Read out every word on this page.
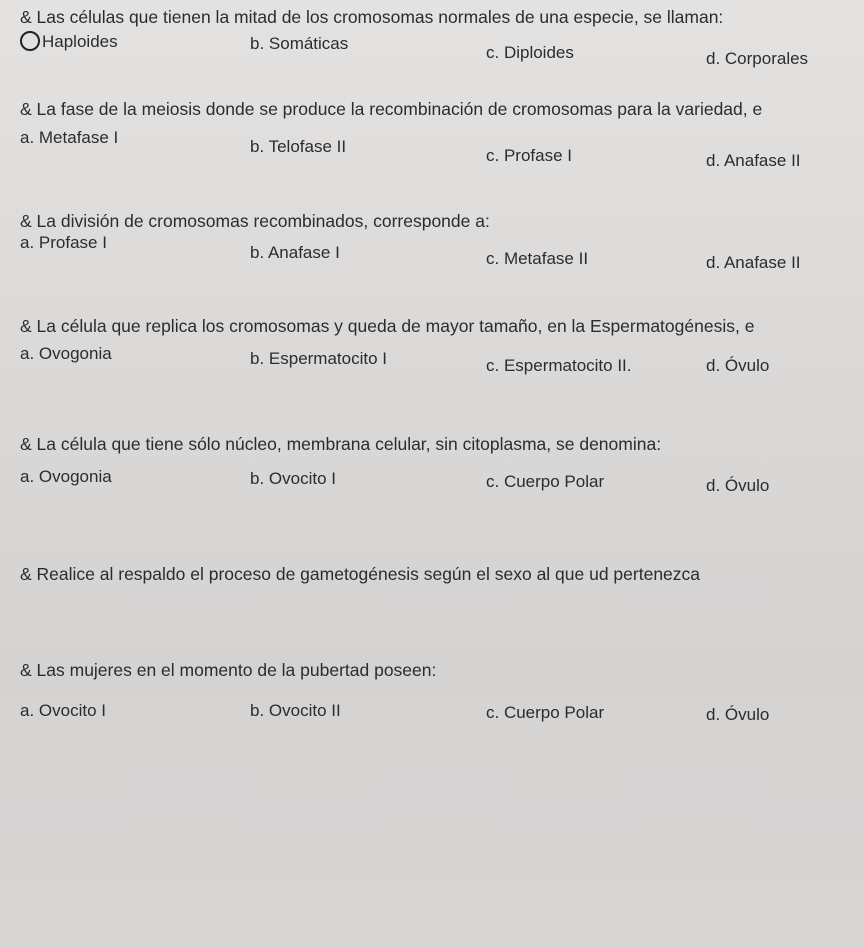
& Las células que tienen la mitad de los cromosomas normales de una especie, se llaman:
Haploides	b. Somáticas	c. Diploides	d. Corporales
& La fase de la meiosis donde se produce la recombinación de cromosomas para la variedad, e
a. Metafase I	b. Telofase II	c. Profase I	d. Anafase II
& La división de cromosomas recombinados, corresponde a:
a. Profase I
b. Anafase I	c. Metafase II	d. Anafase II
& La célula que replica los cromosomas y queda de mayor tamaño, en la Espermatogénesis, e
a. Ovogonia	b. Espermatocito I	c. Espermatocito II.	d. Óvulo
& La célula que tiene sólo núcleo, membrana celular, sin citoplasma, se denomina:
a. Ovogonia	b. Ovocito I	c. Cuerpo Polar	d. Óvulo
& Realice al respaldo el proceso de gametogénesis según el sexo al que ud pertenezca
& Las mujeres en el momento de la pubertad poseen:
a. Ovocito I	b. Ovocito II	c. Cuerpo Polar	d. Óvulo
